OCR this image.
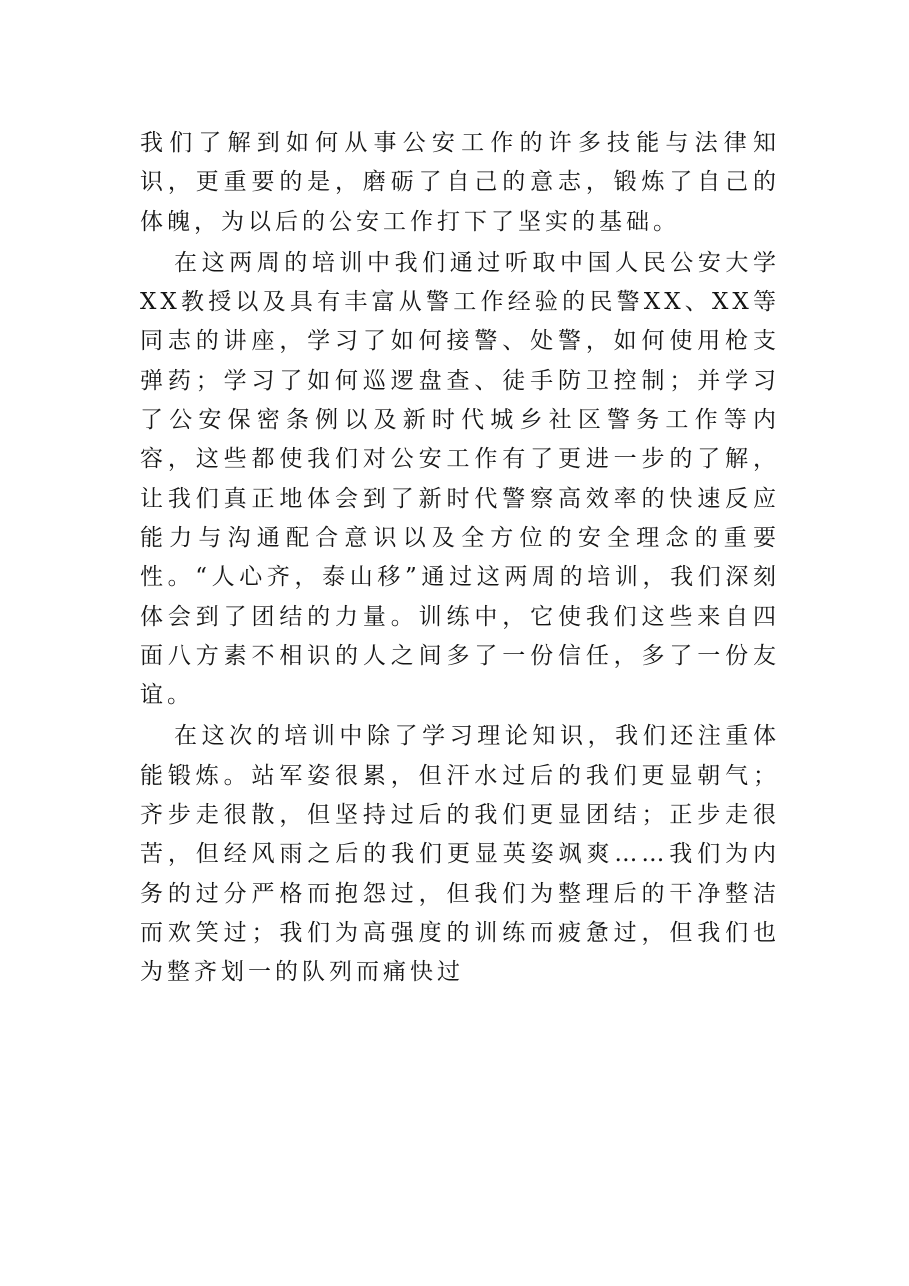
我们了解到如何从事公安工作的许多技能与法律知识，更重要的是，磨砺了自己的意志，锻炼了自己的体魄，为以后的公安工作打下了坚实的基础。

在这两周的培训中我们通过听取中国人民公安大学XX教授以及具有丰富从警工作经验的民警XX、XX等同志的讲座，学习了如何接警、处警，如何使用枪支弹药；学习了如何巡逻盘查、徒手防卫控制；并学习了公安保密条例以及新时代城乡社区警务工作等内容，这些都使我们对公安工作有了更进一步的了解，让我们真正地体会到了新时代警察高效率的快速反应能力与沟通配合意识以及全方位的安全理念的重要性。“人心齐，泰山移”通过这两周的培训，我们深刻体会到了团结的力量。训练中，它使我们这些来自四面八方素不相识的人之间多了一份信任，多了一份友谊。

在这次的培训中除了学习理论知识，我们还注重体能锻炼。站军姿很累，但汗水过后的我们更显朝气；齐步走很散，但坚持过后的我们更显团结；正步走很苦，但经风雨之后的我们更显英姿飒爽……我们为内务的过分严格而抱怨过，但我们为整理后的干净整洁而欢笑过；我们为高强度的训练而疲惫过，但我们也为整齐划一的队列而痛快过
